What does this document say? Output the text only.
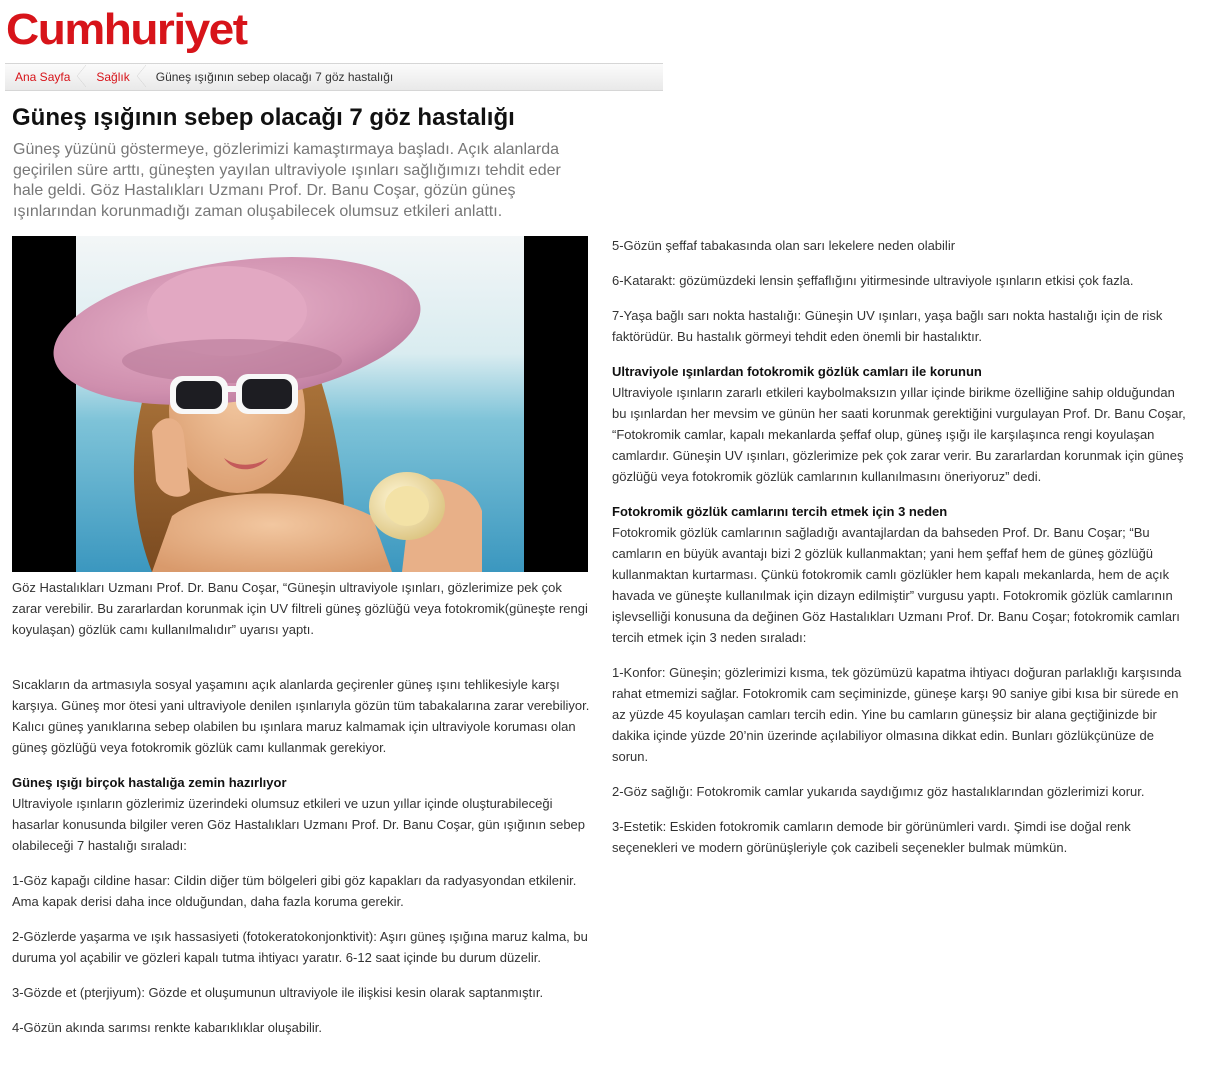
Cumhuriyet
Ana Sayfa	Sağlık	Güneş ışığının sebep olacağı 7 göz hastalığı
Güneş ışığının sebep olacağı 7 göz hastalığı

Güneş yüzünü göstermeye, gözlerimizi kamaştırmaya başladı. Açık alanlarda geçirilen süre arttı, güneşten yayılan ultraviyole ışınları sağlığımızı tehdit eder hale geldi. Göz Hastalıkları Uzmanı Prof. Dr. Banu Coşar, gözün güneş ışınlarından korunmadığı zaman oluşabilecek olumsuz etkileri anlattı.

Göz Hastalıkları Uzmanı Prof. Dr. Banu Coşar, “Güneşin ultraviyole ışınları, gözlerimize pek çok zarar verebilir. Bu zararlardan korunmak için UV filtreli güneş gözlüğü veya fotokromik(güneşte rengi koyulaşan) gözlük camı kullanılmalıdır” uyarısı yaptı.

Sıcakların da artmasıyla sosyal yaşamını açık alanlarda geçirenler güneş ışını tehlikesiyle karşı karşıya. Güneş mor ötesi yani ultraviyole denilen ışınlarıyla gözün tüm tabakalarına zarar verebiliyor. Kalıcı güneş yanıklarına sebep olabilen bu ışınlara maruz kalmamak için ultraviyole koruması olan güneş gözlüğü veya fotokromik gözlük camı kullanmak gerekiyor.

Güneş ışığı birçok hastalığa zemin hazırlıyor

Ultraviyole ışınların gözlerimiz üzerindeki olumsuz etkileri ve uzun yıllar içinde oluşturabileceği hasarlar konusunda bilgiler veren Göz Hastalıkları Uzmanı Prof. Dr. Banu Coşar, gün ışığının sebep olabileceği 7 hastalığı sıraladı:

1-Göz kapağı cildine hasar: Cildin diğer tüm bölgeleri gibi göz kapakları da radyasyondan etkilenir. Ama kapak derisi daha ince olduğundan, daha fazla koruma gerekir.

2-Gözlerde yaşarma ve ışık hassasiyeti (fotokeratokonjonktivit): Aşırı güneş ışığına maruz kalma, bu duruma yol açabilir ve gözleri kapalı tutma ihtiyacı yaratır. 6-12 saat içinde bu durum düzelir.

3-Gözde et (pterjiyum): Gözde et oluşumunun ultraviyole ile ilişkisi kesin olarak saptanmıştır.

4-Gözün akında sarımsı renkte kabarıklıklar oluşabilir.

5-Gözün şeffaf tabakasında olan sarı lekelere neden olabilir

6-Katarakt: gözümüzdeki lensin şeffaflığını yitirmesinde ultraviyole ışınların etkisi çok fazla.

7-Yaşa bağlı sarı nokta hastalığı: Güneşin UV ışınları, yaşa bağlı sarı nokta hastalığı için de risk faktörüdür. Bu hastalık görmeyi tehdit eden önemli bir hastalıktır.

Ultraviyole ışınlardan fotokromik gözlük camları ile korunun

Ultraviyole ışınların zararlı etkileri kaybolmaksızın yıllar içinde birikme özelliğine sahip olduğundan bu ışınlardan her mevsim ve günün her saati korunmak gerektiğini vurgulayan Prof. Dr. Banu Coşar, “Fotokromik camlar, kapalı mekanlarda şeffaf olup, güneş ışığı ile karşılaşınca rengi koyulaşan camlardır. Güneşin UV ışınları, gözlerimize pek çok zarar verir. Bu zararlardan korunmak için güneş gözlüğü veya fotokromik gözlük camlarının kullanılmasını öneriyoruz” dedi.

Fotokromik gözlük camlarını tercih etmek için 3 neden

Fotokromik gözlük camlarının sağladığı avantajlardan da bahseden Prof. Dr. Banu Coşar; “Bu camların en büyük avantajı bizi 2 gözlük kullanmaktan; yani hem şeffaf hem de güneş gözlüğü kullanmaktan kurtarması. Çünkü fotokromik camlı gözlükler hem kapalı mekanlarda, hem de açık havada ve güneşte kullanılmak için dizayn edilmiştir” vurgusu yaptı. Fotokromik gözlük camlarının işlevselliği konusuna da değinen Göz Hastalıkları Uzmanı Prof. Dr. Banu Coşar; fotokromik camları tercih etmek için 3 neden sıraladı:

1-Konfor: Güneşin; gözlerimizi kısma, tek gözümüzü kapatma ihtiyacı doğuran parlaklığı karşısında rahat etmemizi sağlar. Fotokromik cam seçiminizde, güneşe karşı 90 saniye gibi kısa bir sürede en az yüzde 45 koyulaşan camları tercih edin. Yine bu camların güneşsiz bir alana geçtiğinizde bir dakika içinde yüzde 20’nin üzerinde açılabiliyor olmasına dikkat edin. Bunları gözlükçünüze de sorun.

2-Göz sağlığı: Fotokromik camlar yukarıda saydığımız göz hastalıklarından gözlerimizi korur.

3-Estetik: Eskiden fotokromik camların demode bir görünümleri vardı. Şimdi ise doğal renk seçenekleri ve modern görünüşleriyle çok cazibeli seçenekler bulmak mümkün.
